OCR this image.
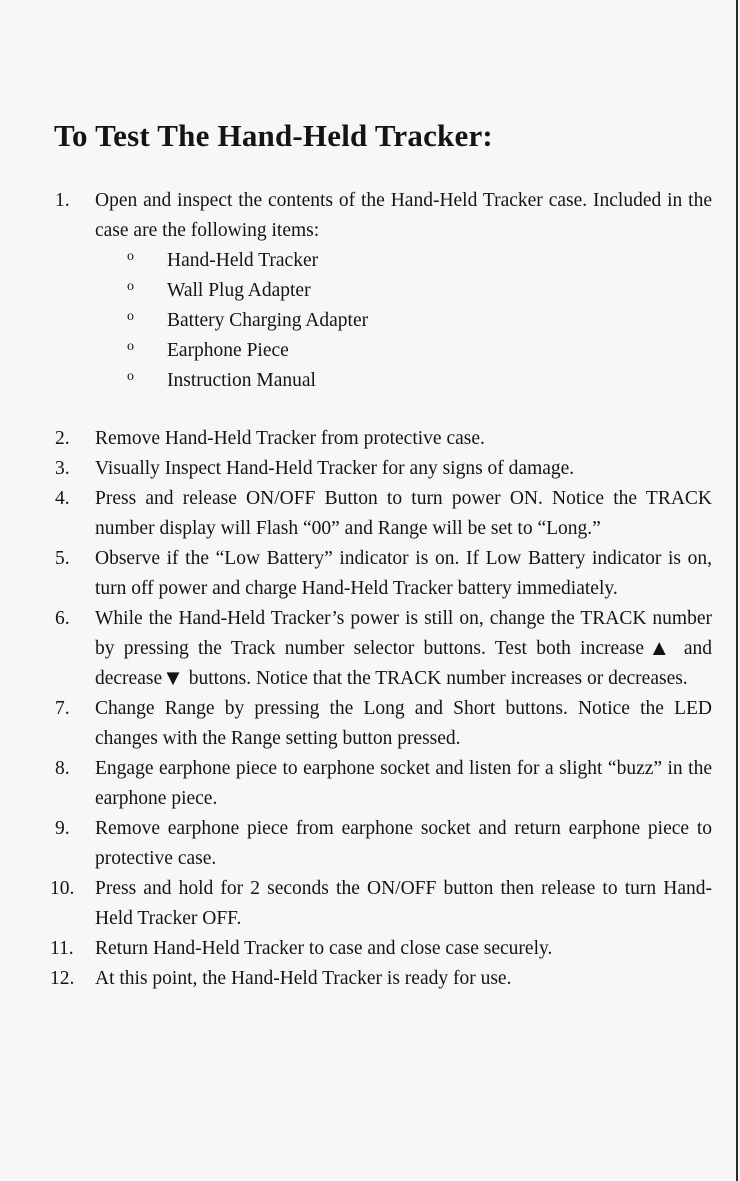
To Test The Hand-Held Tracker:
1. Open and inspect the contents of the Hand-Held Tracker case. Included in the case are the following items:
o Hand-Held Tracker
o Wall Plug Adapter
o Battery Charging Adapter
o Earphone Piece
o Instruction Manual
2. Remove Hand-Held Tracker from protective case.
3. Visually Inspect Hand-Held Tracker for any signs of damage.
4. Press and release ON/OFF Button to turn power ON. Notice the TRACK number display will Flash “00” and Range will be set to “Long.”
5. Observe if the “Low Battery” indicator is on. If Low Battery indicator is on, turn off power and charge Hand-Held Tracker battery immediately.
6. While the Hand-Held Tracker’s power is still on, change the TRACK number by pressing the Track number selector buttons. Test both increase▲ and decrease▼ buttons. Notice that the TRACK number increases or decreases.
7. Change Range by pressing the Long and Short buttons. Notice the LED changes with the Range setting button pressed.
8. Engage earphone piece to earphone socket and listen for a slight “buzz” in the earphone piece.
9. Remove earphone piece from earphone socket and return earphone piece to protective case.
10. Press and hold for 2 seconds the ON/OFF button then release to turn Hand-Held Tracker OFF.
11. Return Hand-Held Tracker to case and close case securely.
12. At this point, the Hand-Held Tracker is ready for use.
